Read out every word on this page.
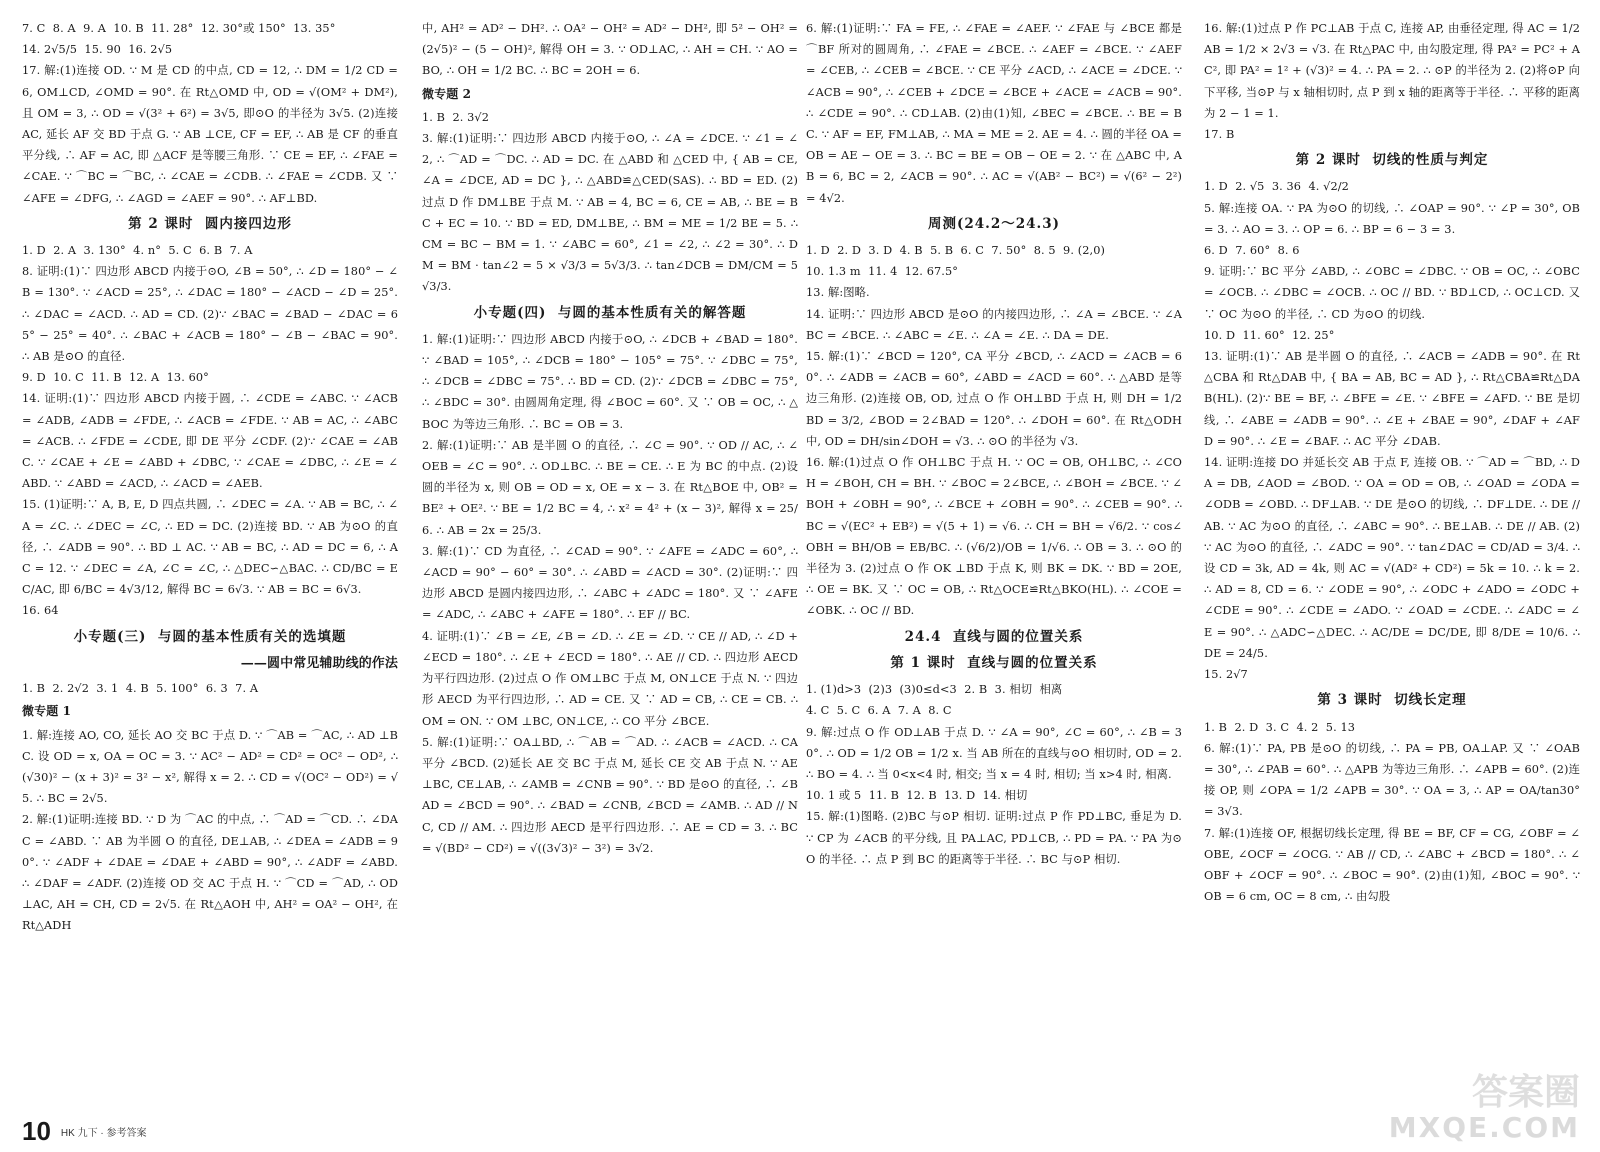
7. C  8. A  9. A  10. B  11. 28°  12. 30°或 150°  13. 35°

14. 2√5/5  15. 90  16. 2√5

17. 解:(1)连接 OD. ∵ M 是 CD 的中点, CD = 12, ∴ DM = 1/2 CD = 6, OM⊥CD, ∠OMD = 90°. 在 Rt△OMD 中, OD = √(OM² + DM²), 且 OM = 3, ∴ OD = √(3² + 6²) = 3√5, 即⊙O 的半径为 3√5. (2)连接 AC, 延长 AF 交 BD 于点 G. ∵ AB ⊥CE, CF = EF, ∴ AB 是 CF 的垂直平分线, ∴ AF = AC, 即 △ACF 是等腰三角形. ∵ CE = EF, ∴ ∠FAE = ∠CAE. ∵ ⌒BC = ⌒BC, ∴ ∠CAE = ∠CDB. ∴ ∠FAE = ∠CDB. 又 ∵ ∠AFE = ∠DFG, ∴ ∠AGD = ∠AEF = 90°. ∴ AF⊥BD.

第 2 课时  圆内接四边形

1. D  2. A  3. 130°  4. n°  5. C  6. B  7. A

8. 证明:(1)∵ 四边形 ABCD 内接于⊙O, ∠B = 50°, ∴ ∠D = 180° − ∠B = 130°. ∵ ∠ACD = 25°, ∴ ∠DAC = 180° − ∠ACD − ∠D = 25°. ∴ ∠DAC = ∠ACD. ∴ AD = CD. (2)∵ ∠BAC = ∠BAD − ∠DAC = 65° − 25° = 40°. ∴ ∠BAC + ∠ACB = 180° − ∠B − ∠BAC = 90°. ∴ AB 是⊙O 的直径.

9. D  10. C  11. B  12. A  13. 60°

14. 证明:(1)∵ 四边形 ABCD 内接于圆, ∴ ∠CDE = ∠ABC. ∵ ∠ACB = ∠ADB, ∠ADB = ∠FDE, ∴ ∠ACB = ∠FDE. ∵ AB = AC, ∴ ∠ABC = ∠ACB. ∴ ∠FDE = ∠CDE, 即 DE 平分 ∠CDF. (2)∵ ∠CAE = ∠ABC. ∵ ∠CAE + ∠E = ∠ABD + ∠DBC, ∵ ∠CAE = ∠DBC, ∴ ∠E = ∠ABD. ∵ ∠ABD = ∠ACD, ∴ ∠ACD = ∠AEB.

15. (1)证明:∵ A, B, E, D 四点共圆, ∴ ∠DEC = ∠A. ∵ AB = BC, ∴ ∠A = ∠C. ∴ ∠DEC = ∠C, ∴ ED = DC. (2)连接 BD. ∵ AB 为⊙O 的直径, ∴ ∠ADB = 90°. ∴ BD ⊥ AC. ∵ AB = BC, ∴ AD = DC = 6, ∴ AC = 12. ∵ ∠DEC = ∠A, ∠C = ∠C, ∴ △DEC∽△BAC. ∴ CD/BC = EC/AC, 即 6/BC = 4√3/12, 解得 BC = 6√3. ∵ AB = BC = 6√3.

16. 64

小专题(三)  与圆的基本性质有关的选填题

——圆中常见辅助线的作法

1. B  2. 2√2  3. 1  4. B  5. 100°  6. 3  7. A

微专题 1

1. 解:连接 AO, CO, 延长 AO 交 BC 于点 D. ∵ ⌒AB = ⌒AC, ∴ AD ⊥BC. 设 OD = x, OA = OC = 3. ∵ AC² − AD² = CD² = OC² − OD², ∴ (√30)² − (x + 3)² = 3² − x², 解得 x = 2. ∴ CD = √(OC² − OD²) = √5. ∴ BC = 2√5.

2. 解:(1)证明:连接 BD. ∵ D 为 ⌒AC 的中点, ∴ ⌒AD = ⌒CD. ∴ ∠DAC = ∠ABD. ∵ AB 为半圆 O 的直径, DE⊥AB, ∴ ∠DEA = ∠ADB = 90°. ∵ ∠ADF + ∠DAE = ∠DAE + ∠ABD = 90°, ∴ ∠ADF = ∠ABD. ∴ ∠DAF = ∠ADF. (2)连接 OD 交 AC 于点 H. ∵ ⌒CD = ⌒AD, ∴ OD⊥AC, AH = CH, CD = 2√5. 在 Rt△AOH 中, AH² = OA² − OH², 在 Rt△ADH

中, AH² = AD² − DH². ∴ OA² − OH² = AD² − DH², 即 5² − OH² = (2√5)² − (5 − OH)², 解得 OH = 3. ∵ OD⊥AC, ∴ AH = CH. ∵ AO = BO, ∴ OH = 1/2 BC. ∴ BC = 2OH = 6.

微专题 2

1. B  2. 3√2

3. 解:(1)证明:∵ 四边形 ABCD 内接于⊙O, ∴ ∠A = ∠DCE. ∵ ∠1 = ∠2, ∴ ⌒AD = ⌒DC. ∴ AD = DC. 在 △ABD 和 △CED 中, { AB = CE, ∠A = ∠DCE, AD = DC }, ∴ △ABD≌△CED(SAS). ∴ BD = ED. (2)过点 D 作 DM⊥BE 于点 M. ∵ AB = 4, BC = 6, CE = AB, ∴ BE = BC + EC = 10. ∵ BD = ED, DM⊥BE, ∴ BM = ME = 1/2 BE = 5. ∴ CM = BC − BM = 1. ∵ ∠ABC = 60°, ∠1 = ∠2, ∴ ∠2 = 30°. ∴ DM = BM · tan∠2 = 5 × √3/3 = 5√3/3. ∴ tan∠DCB = DM/CM = 5√3/3.

小专题(四)  与圆的基本性质有关的解答题

1. 解:(1)证明:∵ 四边形 ABCD 内接于⊙O, ∴ ∠DCB + ∠BAD = 180°. ∵ ∠BAD = 105°, ∴ ∠DCB = 180° − 105° = 75°. ∵ ∠DBC = 75°, ∴ ∠DCB = ∠DBC = 75°. ∴ BD = CD. (2)∵ ∠DCB = ∠DBC = 75°, ∴ ∠BDC = 30°. 由圆周角定理, 得 ∠BOC = 60°. 又 ∵ OB = OC, ∴ △BOC 为等边三角形. ∴ BC = OB = 3.

2. 解:(1)证明:∵ AB 是半圆 O 的直径, ∴ ∠C = 90°. ∵ OD // AC, ∴ ∠OEB = ∠C = 90°. ∴ OD⊥BC. ∴ BE = CE. ∴ E 为 BC 的中点. (2)设圆的半径为 x, 则 OB = OD = x, OE = x − 3. 在 Rt△BOE 中, OB² = BE² + OE². ∵ BE = 1/2 BC = 4, ∴ x² = 4² + (x − 3)², 解得 x = 25/6. ∴ AB = 2x = 25/3.

3. 解:(1)∵ CD 为直径, ∴ ∠CAD = 90°. ∵ ∠AFE = ∠ADC = 60°, ∴ ∠ACD = 90° − 60° = 30°. ∴ ∠ABD = ∠ACD = 30°. (2)证明:∵ 四边形 ABCD 是圆内接四边形, ∴ ∠ABC + ∠ADC = 180°. 又 ∵ ∠AFE = ∠ADC, ∴ ∠ABC + ∠AFE = 180°. ∴ EF // BC.

4. 证明:(1)∵ ∠B = ∠E, ∠B = ∠D. ∴ ∠E = ∠D. ∵ CE // AD, ∴ ∠D + ∠ECD = 180°. ∴ ∠E + ∠ECD = 180°. ∴ AE // CD. ∴ 四边形 AECD 为平行四边形. (2)过点 O 作 OM⊥BC 于点 M, ON⊥CE 于点 N. ∵ 四边形 AECD 为平行四边形, ∴ AD = CE. 又 ∵ AD = CB, ∴ CE = CB. ∴ OM = ON. ∵ OM ⊥BC, ON⊥CE, ∴ CO 平分 ∠BCE.

5. 解:(1)证明:∵ OA⊥BD, ∴ ⌒AB = ⌒AD. ∴ ∠ACB = ∠ACD. ∴ CA 平分 ∠BCD. (2)延长 AE 交 BC 于点 M, 延长 CE 交 AB 于点 N. ∵ AE⊥BC, CE⊥AB, ∴ ∠AMB = ∠CNB = 90°. ∵ BD 是⊙O 的直径, ∴ ∠BAD = ∠BCD = 90°. ∴ ∠BAD = ∠CNB, ∠BCD = ∠AMB. ∴ AD // NC, CD // AM. ∴ 四边形 AECD 是平行四边形. ∴ AE = CD = 3. ∴ BC = √(BD² − CD²) = √((3√3)² − 3²) = 3√2.

6. 解:(1)证明:∵ FA = FE, ∴ ∠FAE = ∠AEF. ∵ ∠FAE 与 ∠BCE 都是 ⌒BF 所对的圆周角, ∴ ∠FAE = ∠BCE. ∴ ∠AEF = ∠BCE. ∵ ∠AEF = ∠CEB, ∴ ∠CEB = ∠BCE. ∵ CE 平分 ∠ACD, ∴ ∠ACE = ∠DCE. ∵ ∠ACB = 90°, ∴ ∠CEB + ∠DCE = ∠BCE + ∠ACE = ∠ACB = 90°. ∴ ∠CDE = 90°. ∴ CD⊥AB. (2)由(1)知, ∠BEC = ∠BCE. ∴ BE = BC. ∵ AF = EF, FM⊥AB, ∴ MA = ME = 2. AE = 4. ∴ 圆的半径 OA = OB = AE − OE = 3. ∴ BC = BE = OB − OE = 2. ∵ 在 △ABC 中, AB = 6, BC = 2, ∠ACB = 90°. ∴ AC = √(AB² − BC²) = √(6² − 2²) = 4√2.

周测(24.2～24.3)

1. D  2. D  3. D  4. B  5. B  6. C  7. 50°  8. 5  9. (2,0)

10. 1.3 m  11. 4  12. 67.5°

13. 解:图略.

14. 证明:∵ 四边形 ABCD 是⊙O 的内接四边形, ∴ ∠A = ∠BCE. ∵ ∠ABC = ∠BCE. ∴ ∠ABC = ∠E. ∴ ∠A = ∠E. ∴ DA = DE.

15. 解:(1)∵ ∠BCD = 120°, CA 平分 ∠BCD, ∴ ∠ACD = ∠ACB = 60°. ∴ ∠ADB = ∠ACB = 60°, ∠ABD = ∠ACD = 60°. ∴ △ABD 是等边三角形. (2)连接 OB, OD, 过点 O 作 OH⊥BD 于点 H, 则 DH = 1/2 BD = 3/2, ∠BOD = 2∠BAD = 120°. ∴ ∠DOH = 60°. 在 Rt△ODH 中, OD = DH/sin∠DOH = √3. ∴ ⊙O 的半径为 √3.

16. 解:(1)过点 O 作 OH⊥BC 于点 H. ∵ OC = OB, OH⊥BC, ∴ ∠COH = ∠BOH, CH = BH. ∵ ∠BOC = 2∠BCE, ∴ ∠BOH = ∠BCE. ∵ ∠BOH + ∠OBH = 90°, ∴ ∠BCE + ∠OBH = 90°. ∴ ∠CEB = 90°. ∴ BC = √(EC² + EB²) = √(5 + 1) = √6. ∴ CH = BH = √6/2. ∵ cos∠OBH = BH/OB = EB/BC. ∴ (√6/2)/OB = 1/√6. ∴ OB = 3. ∴ ⊙O 的半径为 3. (2)过点 O 作 OK ⊥BD 于点 K, 则 BK = DK. ∵ BD = 2OE, ∴ OE = BK. 又 ∵ OC = OB, ∴ Rt△OCE≌Rt△BKO(HL). ∴ ∠COE = ∠OBK. ∴ OC // BD.

24.4  直线与圆的位置关系

第 1 课时  直线与圆的位置关系

1. (1)d>3  (2)3  (3)0≤d<3  2. B  3. 相切  相离

4. C  5. C  6. A  7. A  8. C

9. 解:过点 O 作 OD⊥AB 于点 D. ∵ ∠A = 90°, ∠C = 60°, ∴ ∠B = 30°. ∴ OD = 1/2 OB = 1/2 x. 当 AB 所在的直线与⊙O 相切时, OD = 2. ∴ BO = 4. ∴ 当 0<x<4 时, 相交; 当 x = 4 时, 相切; 当 x>4 时, 相离.

10. 1 或 5  11. B  12. B  13. D  14. 相切

15. 解:(1)图略. (2)BC 与⊙P 相切. 证明:过点 P 作 PD⊥BC, 垂足为 D. ∵ CP 为 ∠ACB 的平分线, 且 PA⊥AC, PD⊥CB, ∴ PD = PA. ∵ PA 为⊙O 的半径. ∴ 点 P 到 BC 的距离等于半径. ∴ BC 与⊙P 相切.

16. 解:(1)过点 P 作 PC⊥AB 于点 C, 连接 AP, 由垂径定理, 得 AC = 1/2 AB = 1/2 × 2√3 = √3. 在 Rt△PAC 中, 由勾股定理, 得 PA² = PC² + AC², 即 PA² = 1² + (√3)² = 4. ∴ PA = 2. ∴ ⊙P 的半径为 2. (2)将⊙P 向下平移, 当⊙P 与 x 轴相切时, 点 P 到 x 轴的距离等于半径. ∴ 平移的距离为 2 − 1 = 1.

17. B

第 2 课时  切线的性质与判定

1. D  2. √5  3. 36  4. √2/2

5. 解:连接 OA. ∵ PA 为⊙O 的切线, ∴ ∠OAP = 90°. ∵ ∠P = 30°, OB = 3. ∴ AO = 3. ∴ OP = 6. ∴ BP = 6 − 3 = 3.

6. D  7. 60°  8. 6

9. 证明:∵ BC 平分 ∠ABD, ∴ ∠OBC = ∠DBC. ∵ OB = OC, ∴ ∠OBC = ∠OCB. ∴ ∠DBC = ∠OCB. ∴ OC // BD. ∵ BD⊥CD, ∴ OC⊥CD. 又 ∵ OC 为⊙O 的半径, ∴ CD 为⊙O 的切线.

10. D  11. 60°  12. 25°

13. 证明:(1)∵ AB 是半圆 O 的直径, ∴ ∠ACB = ∠ADB = 90°. 在 Rt△CBA 和 Rt△DAB 中, { BA = AB, BC = AD }, ∴ Rt△CBA≌Rt△DAB(HL). (2)∵ BE = BF, ∴ ∠BFE = ∠E. ∵ ∠BFE = ∠AFD. ∵ BE 是切线, ∴ ∠ABE = ∠ADB = 90°. ∴ ∠E + ∠BAE = 90°, ∠DAF + ∠AFD = 90°. ∴ ∠E = ∠BAF. ∴ AC 平分 ∠DAB.

14. 证明:连接 DO 并延长交 AB 于点 F, 连接 OB. ∵ ⌒AD = ⌒BD, ∴ DA = DB, ∠AOD = ∠BOD. ∵ OA = OD = OB, ∴ ∠OAD = ∠ODA = ∠ODB = ∠OBD. ∴ DF⊥AB. ∵ DE 是⊙O 的切线, ∴ DF⊥DE. ∴ DE // AB. ∵ AC 为⊙O 的直径, ∴ ∠ABC = 90°. ∴ BE⊥AB. ∴ DE // AB. (2)∵ AC 为⊙O 的直径, ∴ ∠ADC = 90°. ∵ tan∠DAC = CD/AD = 3/4. ∴ 设 CD = 3k, AD = 4k, 则 AC = √(AD² + CD²) = 5k = 10. ∴ k = 2. ∴ AD = 8, CD = 6. ∵ ∠ODE = 90°, ∴ ∠ODC + ∠ADO = ∠ODC + ∠CDE = 90°. ∴ ∠CDE = ∠ADO. ∵ ∠OAD = ∠CDE. ∴ ∠ADC = ∠E = 90°. ∴ △ADC∽△DEC. ∴ AC/DE = DC/DE, 即 8/DE = 10/6. ∴ DE = 24/5.

15. 2√7

第 3 课时  切线长定理

1. B  2. D  3. C  4. 2  5. 13

6. 解:(1)∵ PA, PB 是⊙O 的切线, ∴ PA = PB, OA⊥AP. 又 ∵ ∠OAB = 30°, ∴ ∠PAB = 60°. ∴ △APB 为等边三角形. ∴ ∠APB = 60°. (2)连接 OP, 则 ∠OPA = 1/2 ∠APB = 30°. ∵ OA = 3, ∴ AP = OA/tan30° = 3√3.

7. 解:(1)连接 OF, 根据切线长定理, 得 BE = BF, CF = CG, ∠OBF = ∠OBE, ∠OCF = ∠OCG. ∵ AB // CD, ∴ ∠ABC + ∠BCD = 180°. ∴ ∠OBF + ∠OCF = 90°. ∴ ∠BOC = 90°. (2)由(1)知, ∠BOC = 90°. ∵ OB = 6 cm, OC = 8 cm, ∴ 由勾股

10 HK 九下 · 参考答案
答案圈
MXQE.COM
